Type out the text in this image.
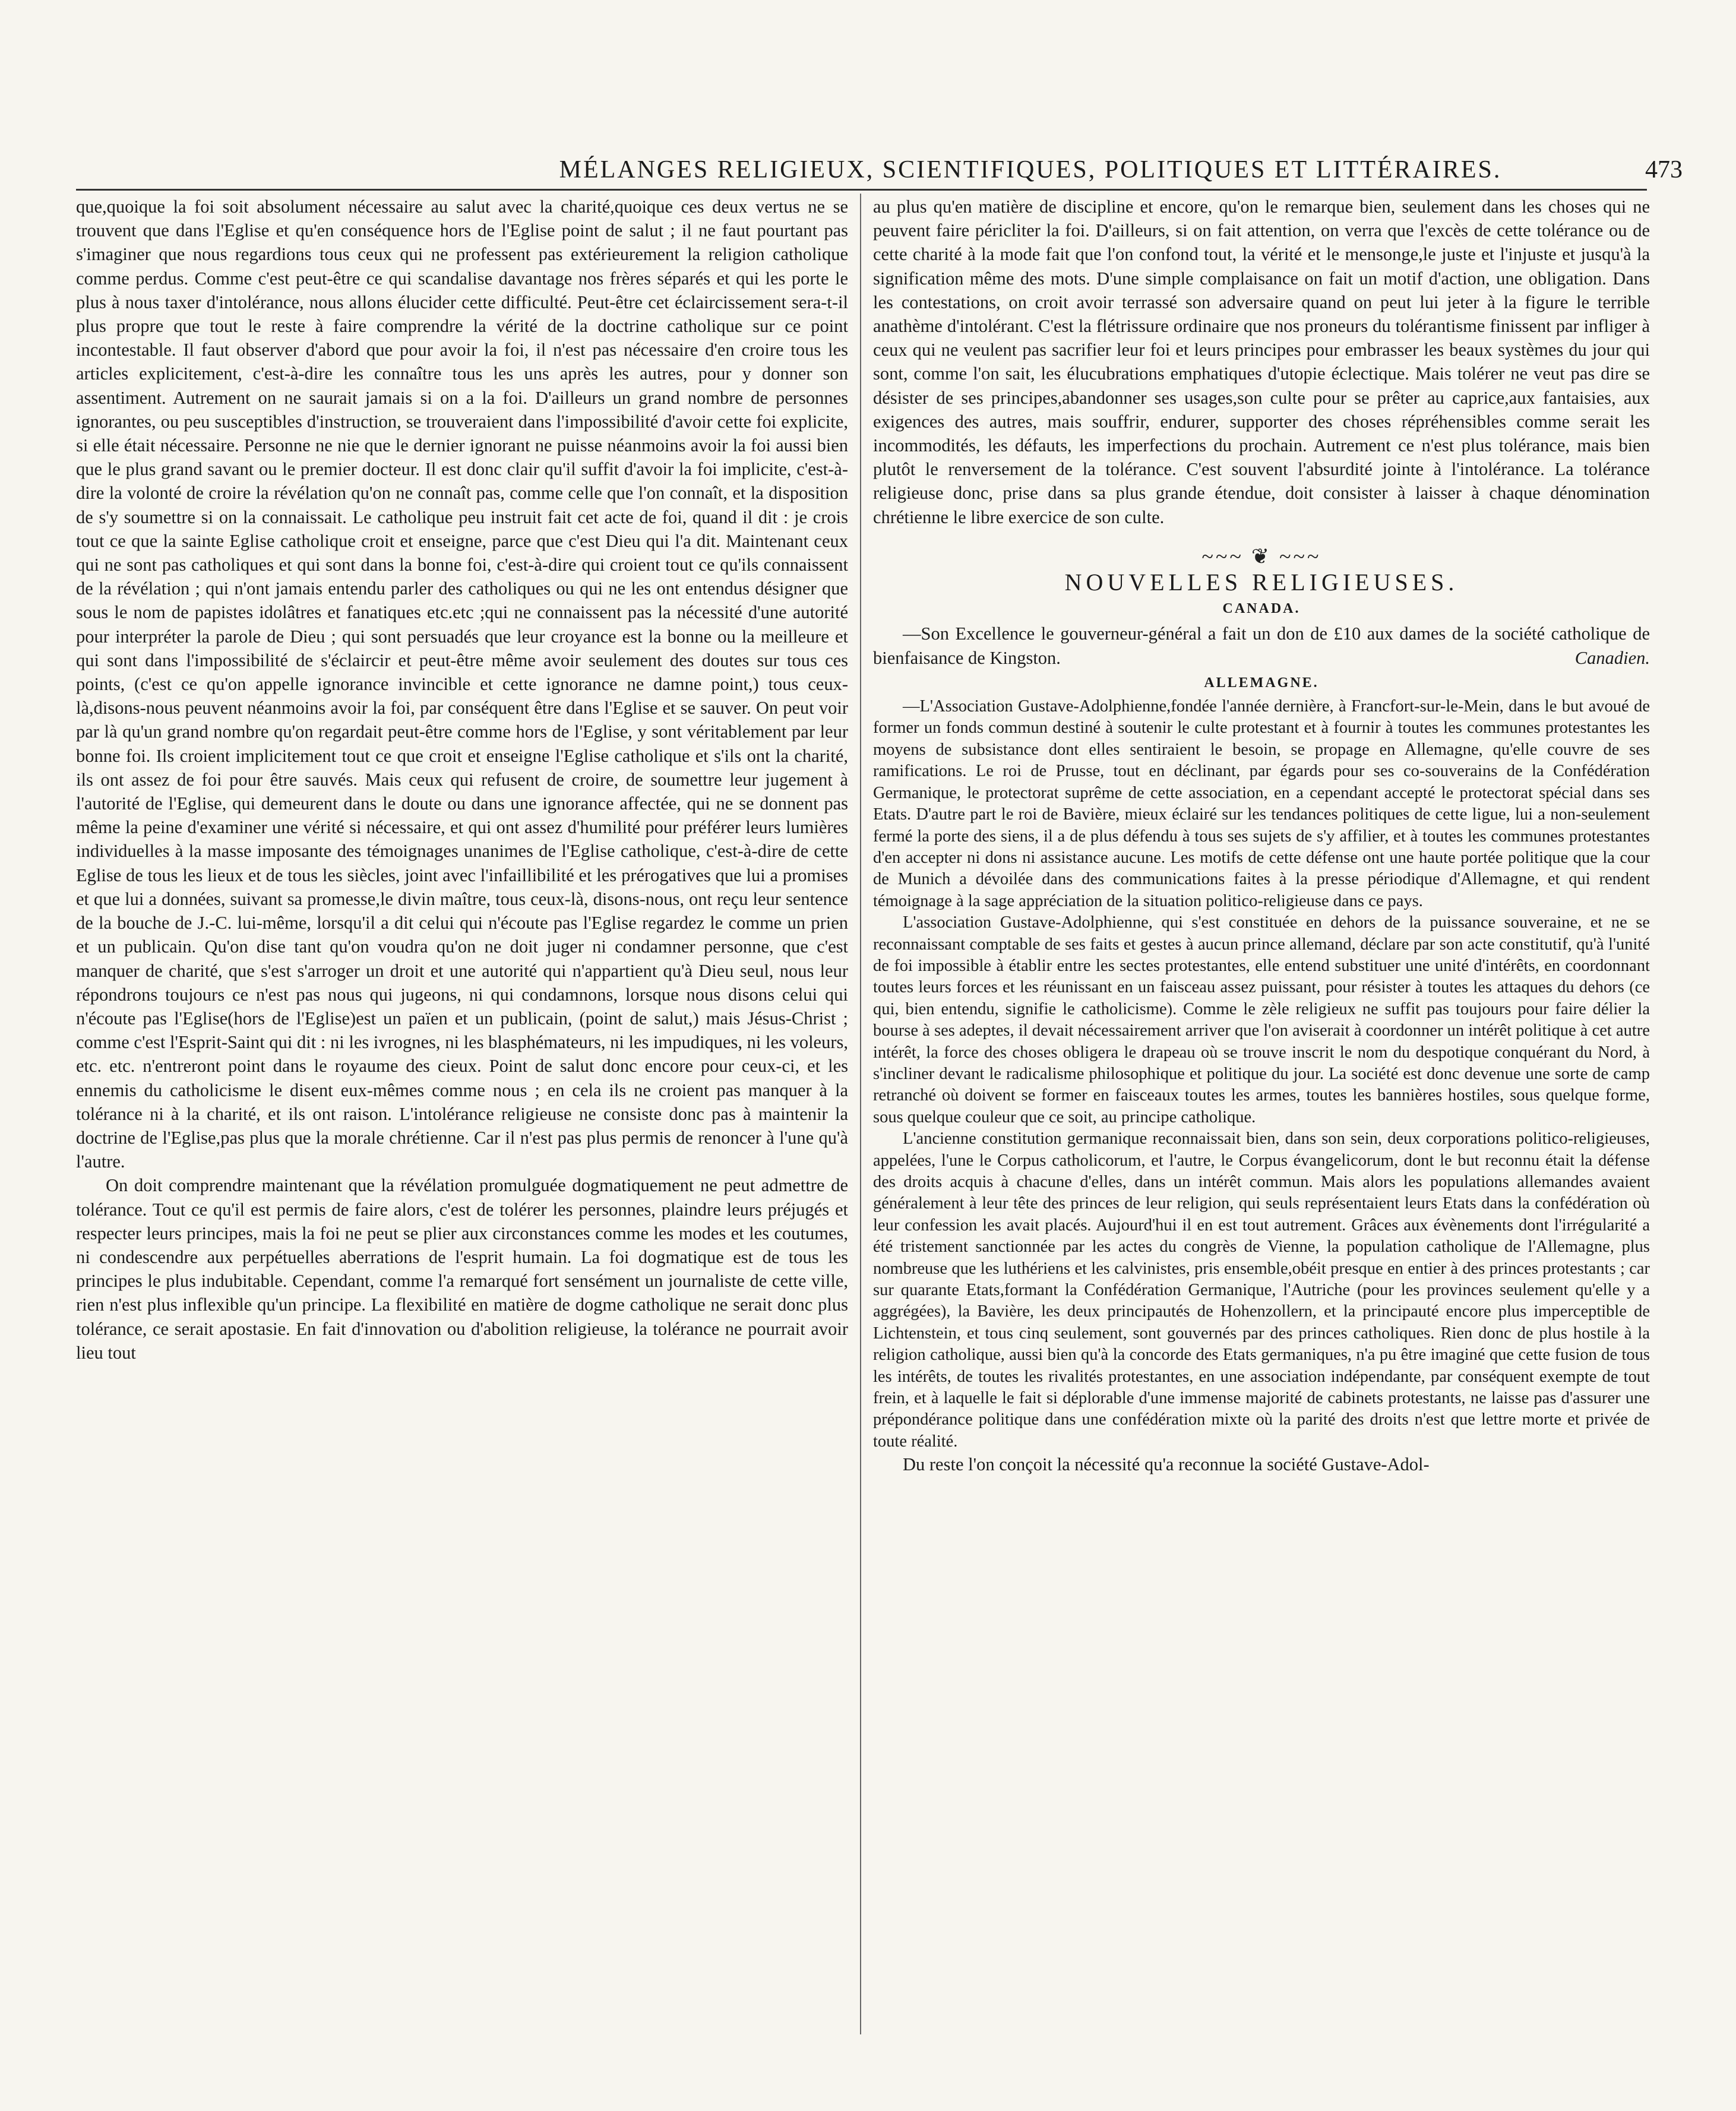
MÉLANGES RELIGIEUX, SCIENTIFIQUES, POLITIQUES ET LITTÉRAIRES.	473

que,quoique la foi soit absolument nécessaire au salut avec la charité,quoique ces deux vertus ne se trouvent que dans l'Eglise et qu'en conséquence hors de l'Eglise point de salut ; il ne faut pourtant pas s'imaginer que nous regardions tous ceux qui ne professent pas extérieurement la religion catholique comme perdus. Comme c'est peut-être ce qui scandalise davantage nos frères séparés et qui les porte le plus à nous taxer d'intolérance, nous allons élucider cette difficulté. Peut-être cet éclaircissement sera-t-il plus propre que tout le reste à faire comprendre la vérité de la doctrine catholique sur ce point incontestable. Il faut observer d'abord que pour avoir la foi, il n'est pas nécessaire d'en croire tous les articles explicitement, c'est-à-dire les connaître tous les uns après les autres, pour y donner son assentiment. Autrement on ne saurait jamais si on a la foi. D'ailleurs un grand nombre de personnes ignorantes, ou peu susceptibles d'instruction, se trouveraient dans l'impossibilité d'avoir cette foi explicite, si elle était nécessaire. Personne ne nie que le dernier ignorant ne puisse néanmoins avoir la foi aussi bien que le plus grand savant ou le premier docteur. Il est donc clair qu'il suffit d'avoir la foi implicite, c'est-à-dire la volonté de croire la révélation qu'on ne connaît pas, comme celle que l'on connaît, et la disposition de s'y soumettre si on la connaissait. Le catholique peu instruit fait cet acte de foi, quand il dit : je crois tout ce que la sainte Eglise catholique croit et enseigne, parce que c'est Dieu qui l'a dit. Maintenant ceux qui ne sont pas catholiques et qui sont dans la bonne foi, c'est-à-dire qui croient tout ce qu'ils connaissent de la révélation ; qui n'ont jamais entendu parler des catholiques ou qui ne les ont entendus désigner que sous le nom de papistes idolâtres et fanatiques etc.etc ;qui ne connaissent pas la nécessité d'une autorité pour interpréter la parole de Dieu ; qui sont persuadés que leur croyance est la bonne ou la meilleure et qui sont dans l'impossibilité de s'éclaircir et peut-être même avoir seulement des doutes sur tous ces points, (c'est ce qu'on appelle ignorance invincible et cette ignorance ne damne point,) tous ceux-là,disons-nous peuvent néanmoins avoir la foi, par conséquent être dans l'Eglise et se sauver. On peut voir par là qu'un grand nombre qu'on regardait peut-être comme hors de l'Eglise, y sont véritablement par leur bonne foi. Ils croient implicitement tout ce que croit et enseigne l'Eglise catholique et s'ils ont la charité, ils ont assez de foi pour être sauvés. Mais ceux qui refusent de croire, de soumettre leur jugement à l'autorité de l'Eglise, qui demeurent dans le doute ou dans une ignorance affectée, qui ne se donnent pas même la peine d'examiner une vérité si nécessaire, et qui ont assez d'humilité pour préférer leurs lumières individuelles à la masse imposante des témoignages unanimes de l'Eglise catholique, c'est-à-dire de cette Eglise de tous les lieux et de tous les siècles, joint avec l'infaillibilité et les prérogatives que lui a promises et que lui a données, suivant sa promesse,le divin maître, tous ceux-là, disons-nous, ont reçu leur sentence de la bouche de J.-C. lui-même, lorsqu'il a dit celui qui n'écoute pas l'Eglise regardez le comme un prien et un publicain. Qu'on dise tant qu'on voudra qu'on ne doit juger ni condamner personne, que c'est manquer de charité, que s'est s'arroger un droit et une autorité qui n'appartient qu'à Dieu seul, nous leur répondrons toujours ce n'est pas nous qui jugeons, ni qui condamnons, lorsque nous disons celui qui n'écoute pas l'Eglise(hors de l'Eglise)est un païen et un publicain, (point de salut,) mais Jésus-Christ ; comme c'est l'Esprit-Saint qui dit : ni les ivrognes, ni les blasphémateurs, ni les impudiques, ni les voleurs, etc. etc. n'entreront point dans le royaume des cieux. Point de salut donc encore pour ceux-ci, et les ennemis du catholicisme le disent eux-mêmes comme nous ; en cela ils ne croient pas manquer à la tolérance ni à la charité, et ils ont raison. L'intolérance religieuse ne consiste donc pas à maintenir la doctrine de l'Eglise,pas plus que la morale chrétienne. Car il n'est pas plus permis de renoncer à l'une qu'à l'autre.

On doit comprendre maintenant que la révélation promulguée dogmatiquement ne peut admettre de tolérance. Tout ce qu'il est permis de faire alors, c'est de tolérer les personnes, plaindre leurs préjugés et respecter leurs principes, mais la foi ne peut se plier aux circonstances comme les modes et les coutumes, ni condescendre aux perpétuelles aberrations de l'esprit humain. La foi dogmatique est de tous les principes le plus indubitable. Cependant, comme l'a remarqué fort sensément un journaliste de cette ville, rien n'est plus inflexible qu'un principe. La flexibilité en matière de dogme catholique ne serait donc plus tolérance, ce serait apostasie. En fait d'innovation ou d'abolition religieuse, la tolérance ne pourrait avoir lieu tout

au plus qu'en matière de discipline et encore, qu'on le remarque bien, seulement dans les choses qui ne peuvent faire péricliter la foi. D'ailleurs, si on fait attention, on verra que l'excès de cette tolérance ou de cette charité à la mode fait que l'on confond tout, la vérité et le mensonge,le juste et l'injuste et jusqu'à la signification même des mots. D'une simple complaisance on fait un motif d'action, une obligation. Dans les contestations, on croit avoir terrassé son adversaire quand on peut lui jeter à la figure le terrible anathème d'intolérant. C'est la flétrissure ordinaire que nos proneurs du tolérantisme finissent par infliger à ceux qui ne veulent pas sacrifier leur foi et leurs principes pour embrasser les beaux systèmes du jour qui sont, comme l'on sait, les élucubrations emphatiques d'utopie éclectique. Mais tolérer ne veut pas dire se désister de ses principes,abandonner ses usages,son culte pour se prêter au caprice,aux fantaisies, aux exigences des autres, mais souffrir, endurer, supporter des choses répréhensibles comme serait les incommodités, les défauts, les imperfections du prochain. Autrement ce n'est plus tolérance, mais bien plutôt le renversement de la tolérance. C'est souvent l'absurdité jointe à l'intolérance. La tolérance religieuse donc, prise dans sa plus grande étendue, doit consister à laisser à chaque dénomination chrétienne le libre exercice de son culte.

~~~ ❦ ~~~
NOUVELLES RELIGIEUSES.
CANADA.

—Son Excellence le gouverneur-général a fait un don de £10 aux dames de la société catholique de bienfaisance de Kingston.	Canadien.

ALLEMAGNE.

—L'Association Gustave-Adolphienne,fondée l'année dernière, à Francfort-sur-le-Mein, dans le but avoué de former un fonds commun destiné à soutenir le culte protestant et à fournir à toutes les communes protestantes les moyens de subsistance dont elles sentiraient le besoin, se propage en Allemagne, qu'elle couvre de ses ramifications. Le roi de Prusse, tout en déclinant, par égards pour ses co-souverains de la Confédération Germanique, le protectorat suprême de cette association, en a cependant accepté le protectorat spécial dans ses Etats. D'autre part le roi de Bavière, mieux éclairé sur les tendances politiques de cette ligue, lui a non-seulement fermé la porte des siens, il a de plus défendu à tous ses sujets de s'y affilier, et à toutes les communes protestantes d'en accepter ni dons ni assistance aucune. Les motifs de cette défense ont une haute portée politique que la cour de Munich a dévoilée dans des communications faites à la presse périodique d'Allemagne, et qui rendent témoignage à la sage appréciation de la situation politico-religieuse dans ce pays.

L'association Gustave-Adolphienne, qui s'est constituée en dehors de la puissance souveraine, et ne se reconnaissant comptable de ses faits et gestes à aucun prince allemand, déclare par son acte constitutif, qu'à l'unité de foi impossible à établir entre les sectes protestantes, elle entend substituer une unité d'intérêts, en coordonnant toutes leurs forces et les réunissant en un faisceau assez puissant, pour résister à toutes les attaques du dehors (ce qui, bien entendu, signifie le catholicisme). Comme le zèle religieux ne suffit pas toujours pour faire délier la bourse à ses adeptes, il devait nécessairement arriver que l'on aviserait à coordonner un intérêt politique à cet autre intérêt, la force des choses obligera le drapeau où se trouve inscrit le nom du despotique conquérant du Nord, à s'incliner devant le radicalisme philosophique et politique du jour. La société est donc devenue une sorte de camp retranché où doivent se former en faisceaux toutes les armes, toutes les bannières hostiles, sous quelque forme, sous quelque couleur que ce soit, au principe catholique.

L'ancienne constitution germanique reconnaissait bien, dans son sein, deux corporations politico-religieuses, appelées, l'une le Corpus catholicorum, et l'autre, le Corpus évangelicorum, dont le but reconnu était la défense des droits acquis à chacune d'elles, dans un intérêt commun. Mais alors les populations allemandes avaient généralement à leur tête des princes de leur religion, qui seuls représentaient leurs Etats dans la confédération où leur confession les avait placés. Aujourd'hui il en est tout autrement. Grâces aux évènements dont l'irrégularité a été tristement sanctionnée par les actes du congrès de Vienne, la population catholique de l'Allemagne, plus nombreuse que les luthériens et les calvinistes, pris ensemble,obéit presque en entier à des princes protestants ; car sur quarante Etats,formant la Confédération Germanique, l'Autriche (pour les provinces seulement qu'elle y a aggrégées), la Bavière, les deux principautés de Hohenzollern, et la principauté encore plus imperceptible de Lichtenstein, et tous cinq seulement, sont gouvernés par des princes catholiques. Rien donc de plus hostile à la religion catholique, aussi bien qu'à la concorde des Etats germaniques, n'a pu être imaginé que cette fusion de tous les intérêts, de toutes les rivalités protestantes, en une association indépendante, par conséquent exempte de tout frein, et à laquelle le fait si déplorable d'une immense majorité de cabinets protestants, ne laisse pas d'assurer une prépondérance politique dans une confédération mixte où la parité des droits n'est que lettre morte et privée de toute réalité.

Du reste l'on conçoit la nécessité qu'a reconnue la société Gustave-Adol-
